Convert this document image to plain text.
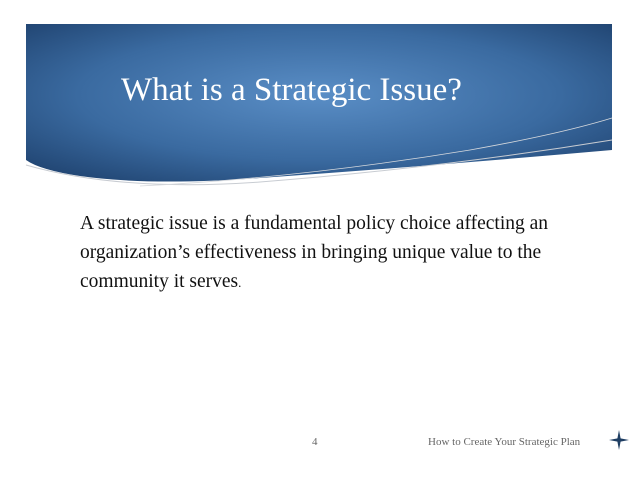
What is a Strategic Issue?
A strategic issue is a fundamental policy choice affecting an organization’s effectiveness in bringing unique value to the community it serves.
4	How to Create Your Strategic Plan
